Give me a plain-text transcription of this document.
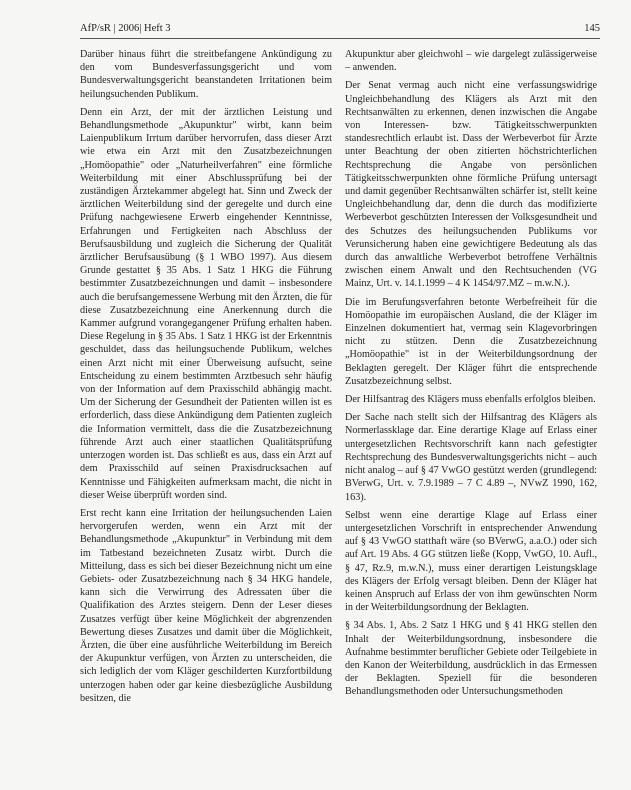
AfP/sR | 2006| Heft 3	145

Darüber hinaus führt die streitbefangene Ankündigung zu den vom Bundesverfassungsgericht und vom Bundesverwaltungsgericht beanstandeten Irritationen beim heilungsuchenden Publikum.

Denn ein Arzt, der mit der ärztlichen Leistung und Behandlungsmethode „Akupunktur" wirbt, kann beim Laienpublikum Irrtum darüber hervorrufen, dass dieser Arzt wie etwa ein Arzt mit den Zusatzbezeichnungen „Homöopathie" oder „Naturheilverfahren" eine förmliche Weiterbildung mit einer Abschlussprüfung bei der zuständigen Ärztekammer abgelegt hat. Sinn und Zweck der ärztlichen Weiterbildung sind der geregelte und durch eine Prüfung nachgewiesene Erwerb eingehender Kenntnisse, Erfahrungen und Fertigkeiten nach Abschluss der Berufsausbildung und zugleich die Sicherung der Qualität ärztlicher Berufsausübung (§ 1 WBO 1997). Aus diesem Grunde gestattet § 35 Abs. 1 Satz 1 HKG die Führung bestimmter Zusatzbezeichnungen und damit – insbesondere auch die berufsangemessene Werbung mit den Ärzten, die für diese Zusatzbezeichnung eine Anerkennung durch die Kammer aufgrund vorangegangener Prüfung erhalten haben. Diese Regelung in § 35 Abs. 1 Satz 1 HKG ist der Erkenntnis geschuldet, dass das heilungsuchende Publikum, welches einen Arzt nicht mit einer Überweisung aufsucht, seine Entscheidung zu einem bestimmten Arztbesuch sehr häufig von der Information auf dem Praxisschild abhängig macht. Um der Sicherung der Gesundheit der Patienten willen ist es erforderlich, dass diese Ankündigung dem Patienten zugleich die Information vermittelt, dass die die Zusatzbezeichnung führende Arzt auch einer staatlichen Qualitätsprüfung unterzogen worden ist. Das schließt es aus, dass ein Arzt auf dem Praxisschild auf seinen Praxisdrucksachen auf Kenntnisse und Fähigkeiten aufmerksam macht, die nicht in dieser Weise überprüft worden sind.

Erst recht kann eine Irritation der heilungsuchenden Laien hervorgerufen werden, wenn ein Arzt mit der Behandlungsmethode „Akupunktur" in Verbindung mit dem im Tatbestand bezeichneten Zusatz wirbt. Durch die Mitteilung, dass es sich bei dieser Bezeichnung nicht um eine Gebiets- oder Zusatzbezeichnung nach § 34 HKG handele, kann sich die Verwirrung des Adressaten über die Qualifikation des Arztes steigern. Denn der Leser dieses Zusatzes verfügt über keine Möglichkeit der abgrenzenden Bewertung dieses Zusatzes und damit über die Möglichkeit, Ärzten, die über eine ausführliche Weiterbildung im Bereich der Akupunktur verfügen, von Ärzten zu unterscheiden, die sich lediglich der vom Kläger geschilderten Kurzfortbildung unterzogen haben oder gar keine diesbezügliche Ausbildung besitzen, die

Akupunktur aber gleichwohl – wie dargelegt zulässigerweise – anwenden.

Der Senat vermag auch nicht eine verfassungswidrige Ungleichbehandlung des Klägers als Arzt mit den Rechtsanwälten zu erkennen, denen inzwischen die Angabe von Interessen- bzw. Tätigkeitsschwerpunkten standesrechtlich erlaubt ist. Dass der Werbeverbot für Ärzte unter Beachtung der oben zitierten höchstrichterlichen Rechtsprechung die Angabe von persönlichen Tätigkeitsschwerpunkten ohne förmliche Prüfung untersagt und damit gegenüber Rechtsanwälten schärfer ist, stellt keine Ungleichbehandlung dar, denn die durch das modifizierte Werbeverbot geschützten Interessen der Volksgesundheit und des Schutzes des heilungsuchenden Publikums vor Verunsicherung haben eine gewichtigere Bedeutung als das durch das anwaltliche Werbeverbot betroffene Verhältnis zwischen einem Anwalt und den Rechtsuchenden (VG Mainz, Urt. v. 14.1.1999 – 4 K 1454/97.MZ – m.w.N.).

Die im Berufungsverfahren betonte Werbefreiheit für die Homöopathie im europäischen Ausland, die der Kläger im Einzelnen dokumentiert hat, vermag sein Klagevorbringen nicht zu stützen. Denn die Zusatzbezeichnung „Homöopathie" ist in der Weiterbildungsordnung der Beklagten geregelt. Der Kläger führt die entsprechende Zusatzbezeichnung selbst.

Der Hilfsantrag des Klägers muss ebenfalls erfolglos bleiben.

Der Sache nach stellt sich der Hilfsantrag des Klägers als Normerlassklage dar. Eine derartige Klage auf Erlass einer untergesetzlichen Rechtsvorschrift kann nach gefestigter Rechtsprechung des Bundesverwaltungsgerichts nicht – auch nicht analog – auf § 47 VwGO gestützt werden (grundlegend: BVerwG, Urt. v. 7.9.1989 – 7 C 4.89 –, NVwZ 1990, 162, 163).

Selbst wenn eine derartige Klage auf Erlass einer untergesetzlichen Vorschrift in entsprechender Anwendung auf § 43 VwGO statthaft wäre (so BVerwG, a.a.O.) oder sich auf Art. 19 Abs. 4 GG stützen ließe (Kopp, VwGO, 10. Aufl., § 47, Rz.9, m.w.N.), muss einer derartigen Leistungsklage des Klägers der Erfolg versagt bleiben. Denn der Kläger hat keinen Anspruch auf Erlass der von ihm gewünschten Norm in der Weiterbildungsordnung der Beklagten.

§ 34 Abs. 1, Abs. 2 Satz 1 HKG und § 41 HKG stellen den Inhalt der Weiterbildungsordnung, insbesondere die Aufnahme bestimmter beruflicher Gebiete oder Teilgebiete in den Kanon der Weiterbildung, ausdrücklich in das Ermessen der Beklagten. Speziell für die besonderen Behandlungsmethoden oder Untersuchungsmethoden
